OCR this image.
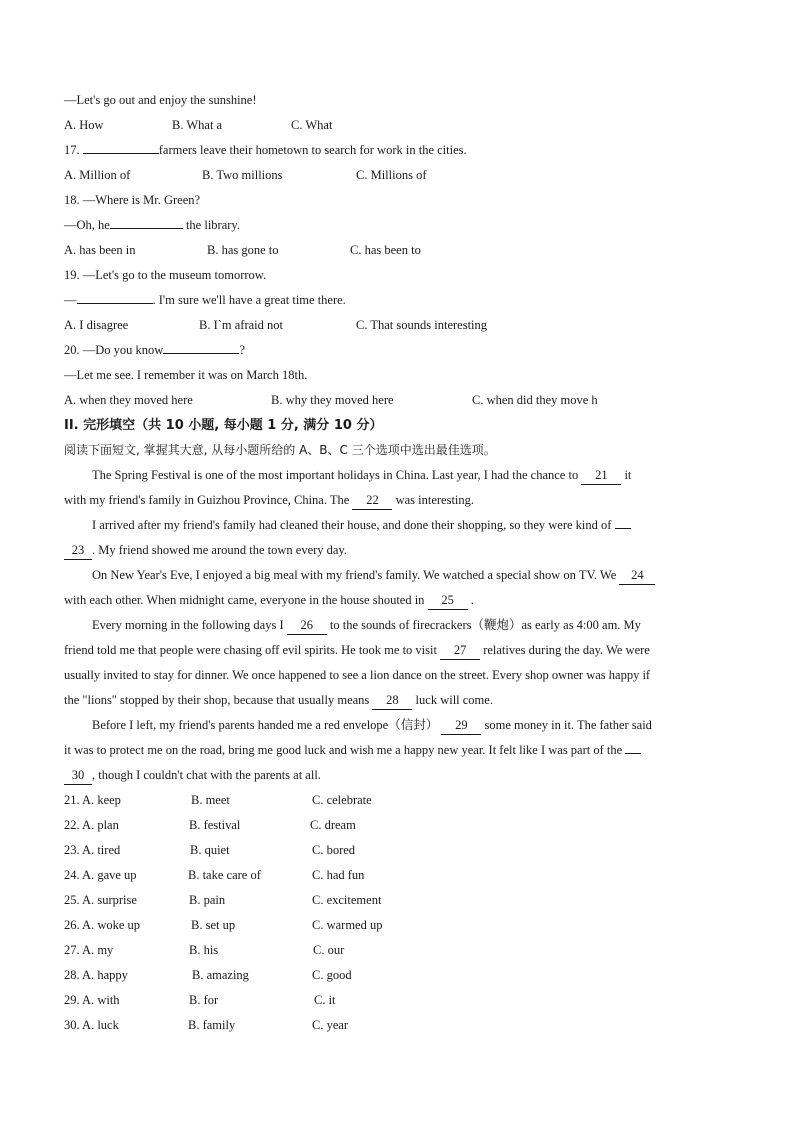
—Let's go out and enjoy the sunshine!
A. How	B. What a	C. What
17.	farmers leave their hometown to search for work in the cities.
A. Million of	B. Two millions	C. Millions of
18. —Where is Mr. Green?
—Oh, he	the library.
A. has been in	B. has gone to	C. has been to
19. —Let's go to the museum tomorrow.
—	. I'm sure we'll have a great time there.
A. I disagree	B. I`m afraid not	C. That sounds interesting
20. —Do you know	?
—Let me see. I remember it was on March 18th.
A. when they moved here	B. why they moved here	C. when did they move h
II. 完形填空（共 10 小题, 每小题 1 分, 满分 10 分）
阅读下面短文, 掌握其大意, 从每小题所给的 A、B、C 三个选项中选出最佳选项。
The Spring Festival is one of the most important holidays in China. Last year, I had the chance to 21 it
with my friend's family in Guizhou Province, China. The 22 was interesting.
I arrived after my friend's family had cleaned their house, and done their shopping, so they were kind of
23 . My friend showed me around the town every day.
On New Year's Eve, I enjoyed a big meal with my friend's family. We watched a special show on TV. We 24
with each other. When midnight came, everyone in the house shouted in 25 .
Every morning in the following days I 26 to the sounds of firecrackers（鞭炮）as early as 4:00 am. My
friend told me that people were chasing off evil spirits. He took me to visit 27 relatives during the day. We were
usually invited to stay for dinner. We once happened to see a lion dance on the street. Every shop owner was happy if
the "lions" stopped by their shop, because that usually means 28 luck will come.
Before I left, my friend's parents handed me a red envelope（信封） 29 some money in it. The father said
it was to protect me on the road, bring me good luck and wish me a happy new year. It felt like I was part of the
30 , though I couldn't chat with the parents at all.
21. A. keep	B. meet	C. celebrate
22. A. plan	B. festival	C. dream
23. A. tired	B. quiet	C. bored
24. A. gave up	B. take care of	C. had fun
25. A. surprise	B. pain	C. excitement
26. A. woke up	B. set up	C. warmed up
27. A. my	B. his	C. our
28. A. happy	B. amazing	C. good
29. A. with	B. for	C. it
30. A. luck	B. family	C. year
